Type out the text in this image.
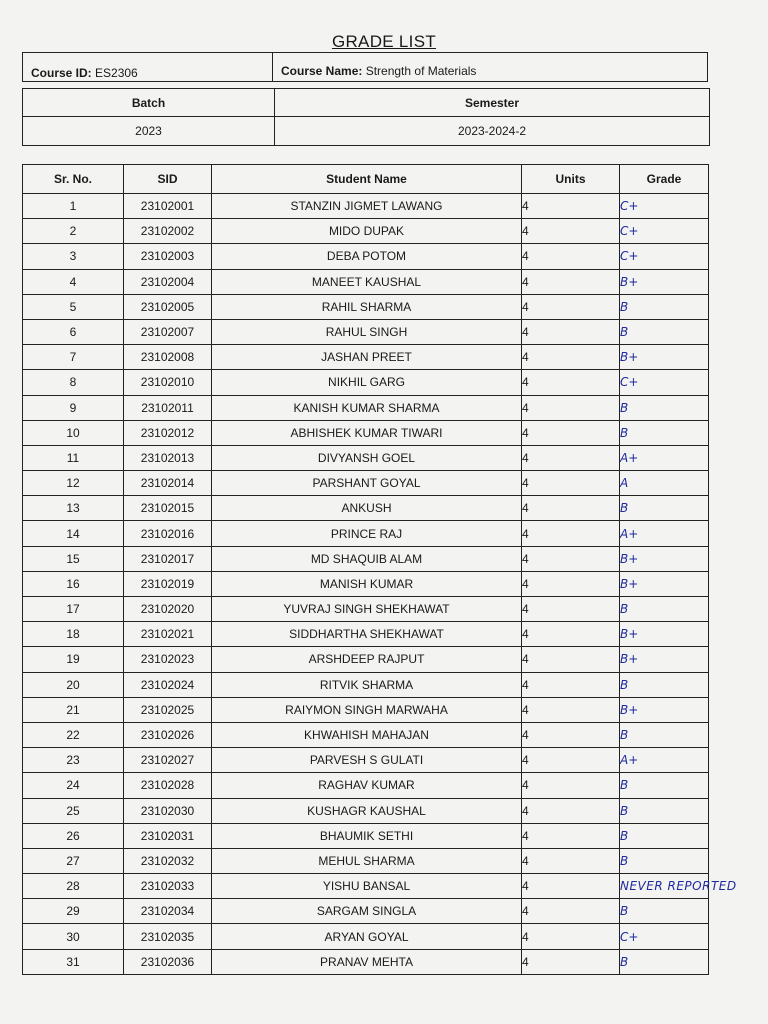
GRADE LIST
Course ID: ES2306	Course Name: Strength of Materials
Batch	Semester
2023	2023-2024-2
Sr. No.	SID	Student Name	Units	Grade
1	23102001	STANZIN JIGMET LAWANG	4	C+
2	23102002	MIDO DUPAK	4	C+
3	23102003	DEBA POTOM	4	C+
4	23102004	MANEET KAUSHAL	4	B+
5	23102005	RAHIL SHARMA	4	B
6	23102007	RAHUL SINGH	4	B
7	23102008	JASHAN PREET	4	B+
8	23102010	NIKHIL GARG	4	C+
9	23102011	KANISH KUMAR SHARMA	4	B
10	23102012	ABHISHEK KUMAR TIWARI	4	B
11	23102013	DIVYANSH GOEL	4	A+
12	23102014	PARSHANT GOYAL	4	A
13	23102015	ANKUSH	4	B
14	23102016	PRINCE RAJ	4	A+
15	23102017	MD SHAQUIB ALAM	4	B+
16	23102019	MANISH KUMAR	4	B+
17	23102020	YUVRAJ SINGH SHEKHAWAT	4	B
18	23102021	SIDDHARTHA SHEKHAWAT	4	B+
19	23102023	ARSHDEEP RAJPUT	4	B+
20	23102024	RITVIK SHARMA	4	B
21	23102025	RAIYMON SINGH MARWAHA	4	B+
22	23102026	KHWAHISH MAHAJAN	4	B
23	23102027	PARVESH S GULATI	4	A+
24	23102028	RAGHAV KUMAR	4	B
25	23102030	KUSHAGR KAUSHAL	4	B
26	23102031	BHAUMIK SETHI	4	B
27	23102032	MEHUL SHARMA	4	B
28	23102033	YISHU BANSAL	4	NEVER REPORTED
29	23102034	SARGAM SINGLA	4	B
30	23102035	ARYAN GOYAL	4	C+
31	23102036	PRANAV MEHTA	4	B
